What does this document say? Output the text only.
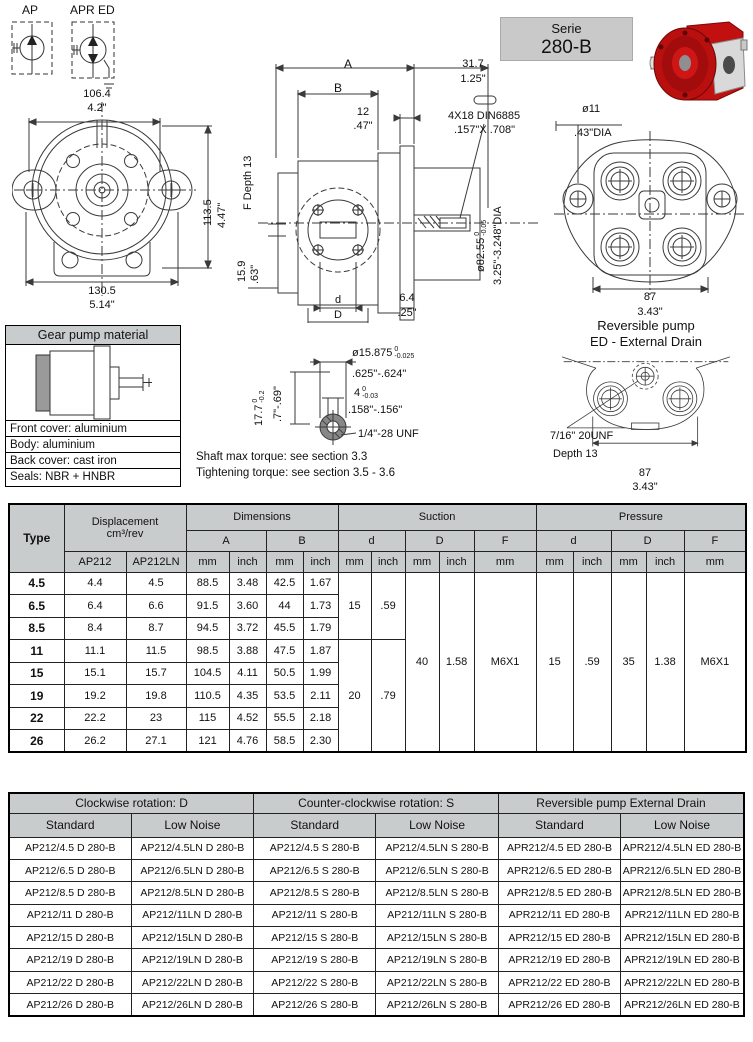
AP	APR ED
Serie
280-B
106.4
4.2"
113.5 4.47"
130.5
5.14"
A	31.7
1.25"
B
12
.47"
4X18 DIN6885
.157"X .708"
F Depth 13
15.9 .63"
ø82.55
0 -0.05 3.25"-3.248"DIA
d
D
6.4
.25"
ø11
.43"DIA
87
3.43"
Gear pump material
Front cover: aluminium
Body: aluminium
Back cover: cast iron
Seals: NBR + HNBR
ø15.875 0
-0.025
.625"-.624"
4 0
-0.03
.158"-.156"
1/4"-28 UNF
17.7
0 -0.2 .7"-.69"
Shaft max torque: see section 3.3
Tightening torque: see section 3.5 - 3.6
Reversible pump
ED - External Drain
7/16" 20UNF
Depth 13
87
3.43"
Type	Displacement
cm³/rev		Dimensions				Suction					Pressure				
			A		B		d		D		F	d		D		F
	AP212	AP212LN	mm	inch	mm	inch	mm	inch	mm	inch	mm	mm	inch	mm	inch	mm
4.5	4.4	4.5	88.5	3.48	42.5	1.67	15	.59	40	1.58	M6X1	15	.59	35	1.38	M6X1
6.5	6.4	6.6	91.5	3.60	44	1.73										
8.5	8.4	8.7	94.5	3.72	45.5	1.79										
11	11.1	11.5	98.5	3.88	47.5	1.87	20	.79								
15	15.1	15.7	104.5	4.11	50.5	1.99										
19	19.2	19.8	110.5	4.35	53.5	2.11										
22	22.2	23	115	4.52	55.5	2.18										
26	26.2	27.1	121	4.76	58.5	2.30										
Clockwise rotation: D		Counter-clockwise rotation: S		Reversible pump External Drain	
Standard	Low Noise	Standard	Low Noise	Standard	Low Noise
AP212/4.5 D 280-B	AP212/4.5LN D 280-B	AP212/4.5 S 280-B	AP212/4.5LN S 280-B	APR212/4.5 ED 280-B	APR212/4.5LN ED 280-B
AP212/6.5 D 280-B	AP212/6.5LN D 280-B	AP212/6.5 S 280-B	AP212/6.5LN S 280-B	APR212/6.5 ED 280-B	APR212/6.5LN ED 280-B
AP212/8.5 D 280-B	AP212/8.5LN D 280-B	AP212/8.5 S 280-B	AP212/8.5LN S 280-B	APR212/8.5 ED 280-B	APR212/8.5LN ED 280-B
AP212/11 D 280-B	AP212/11LN D 280-B	AP212/11 S 280-B	AP212/11LN S 280-B	APR212/11 ED 280-B	APR212/11LN ED 280-B
AP212/15 D 280-B	AP212/15LN D 280-B	AP212/15 S 280-B	AP212/15LN S 280-B	APR212/15 ED 280-B	APR212/15LN ED 280-B
AP212/19 D 280-B	AP212/19LN D 280-B	AP212/19 S 280-B	AP212/19LN S 280-B	APR212/19 ED 280-B	APR212/19LN ED 280-B
AP212/22 D 280-B	AP212/22LN D 280-B	AP212/22 S 280-B	AP212/22LN S 280-B	APR212/22 ED 280-B	APR212/22LN ED 280-B
AP212/26 D 280-B	AP212/26LN D 280-B	AP212/26 S 280-B	AP212/26LN S 280-B	APR212/26 ED 280-B	APR212/26LN ED 280-B
